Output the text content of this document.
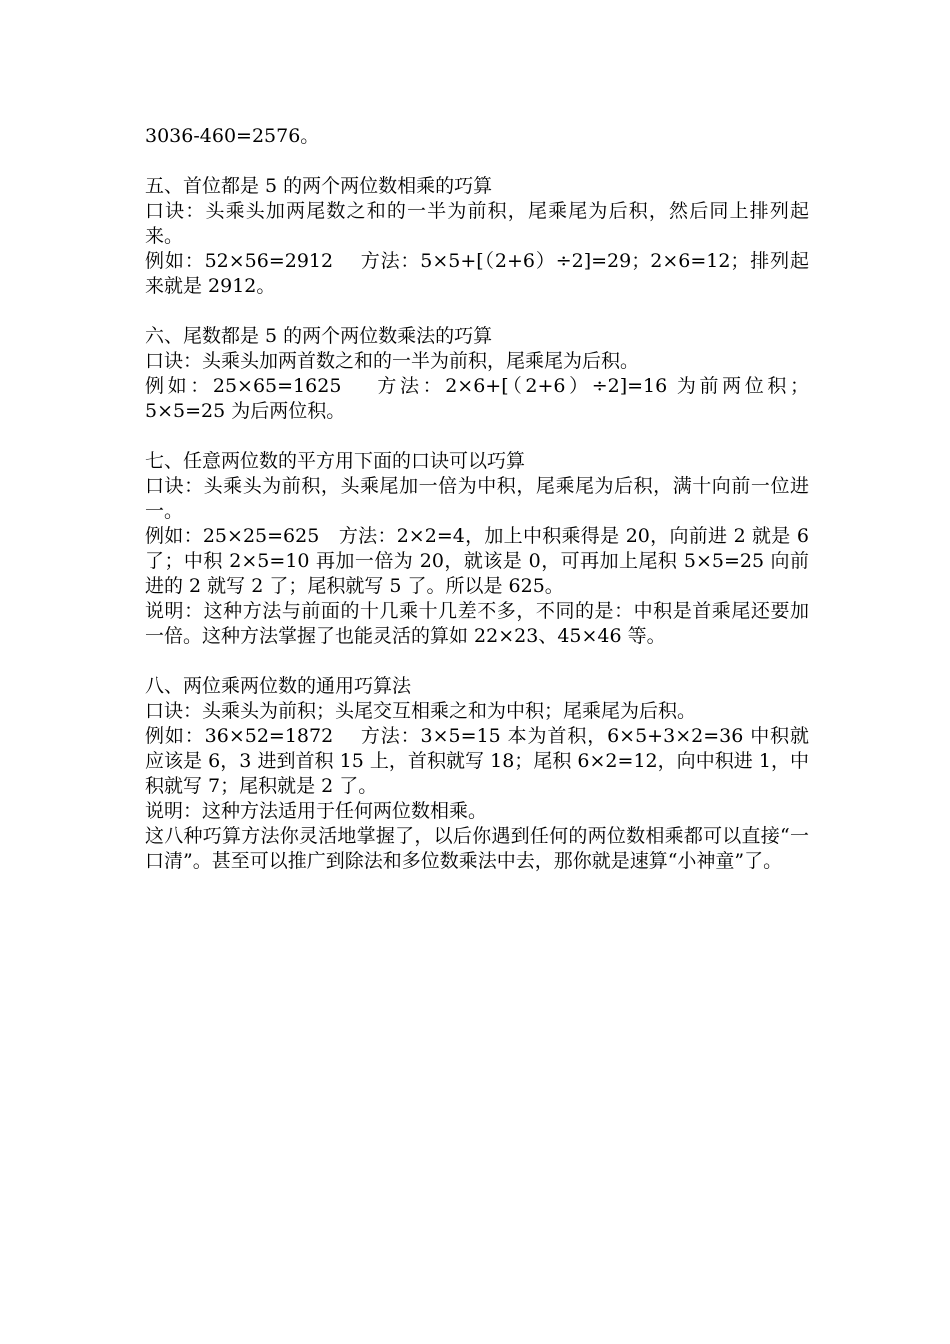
3036-460=2576。

五、首位都是 5 的两个两位数相乘的巧算

口诀：头乘头加两尾数之和的一半为前积，尾乘尾为后积，然后同上排列起来。

例如：52×56=2912　 方法：5×5+[（2+6）÷2]=29；2×6=12；排列起来就是 2912。

六、尾数都是 5 的两个两位数乘法的巧算

口诀：头乘头加两首数之和的一半为前积，尾乘尾为后积。

例如：25×65=1625　 方法：2×6+[（2+6）÷2]=16 为前两位积；5×5=25 为后两位积。

七、任意两位数的平方用下面的口诀可以巧算

口诀：头乘头为前积，头乘尾加一倍为中积，尾乘尾为后积，满十向前一位进一。

例如：25×25=625　方法：2×2=4，加上中积乘得是 20，向前进 2 就是 6 了；中积 2×5=10 再加一倍为 20，就该是 0，可再加上尾积 5×5=25 向前进的 2 就写 2 了；尾积就写 5 了。所以是 625。

说明：这种方法与前面的十几乘十几差不多，不同的是：中积是首乘尾还要加一倍。这种方法掌握了也能灵活的算如 22×23、45×46 等。

八、两位乘两位数的通用巧算法

口诀：头乘头为前积；头尾交互相乘之和为中积；尾乘尾为后积。

例如：36×52=1872　 方法：3×5=15 本为首积，6×5+3×2=36 中积就应该是 6，3 进到首积 15 上，首积就写 18；尾积 6×2=12，向中积进 1，中积就写 7；尾积就是 2 了。

说明：这种方法适用于任何两位数相乘。

这八种巧算方法你灵活地掌握了，以后你遇到任何的两位数相乘都可以直接“一口清”。甚至可以推广到除法和多位数乘法中去，那你就是速算“小神童”了。
